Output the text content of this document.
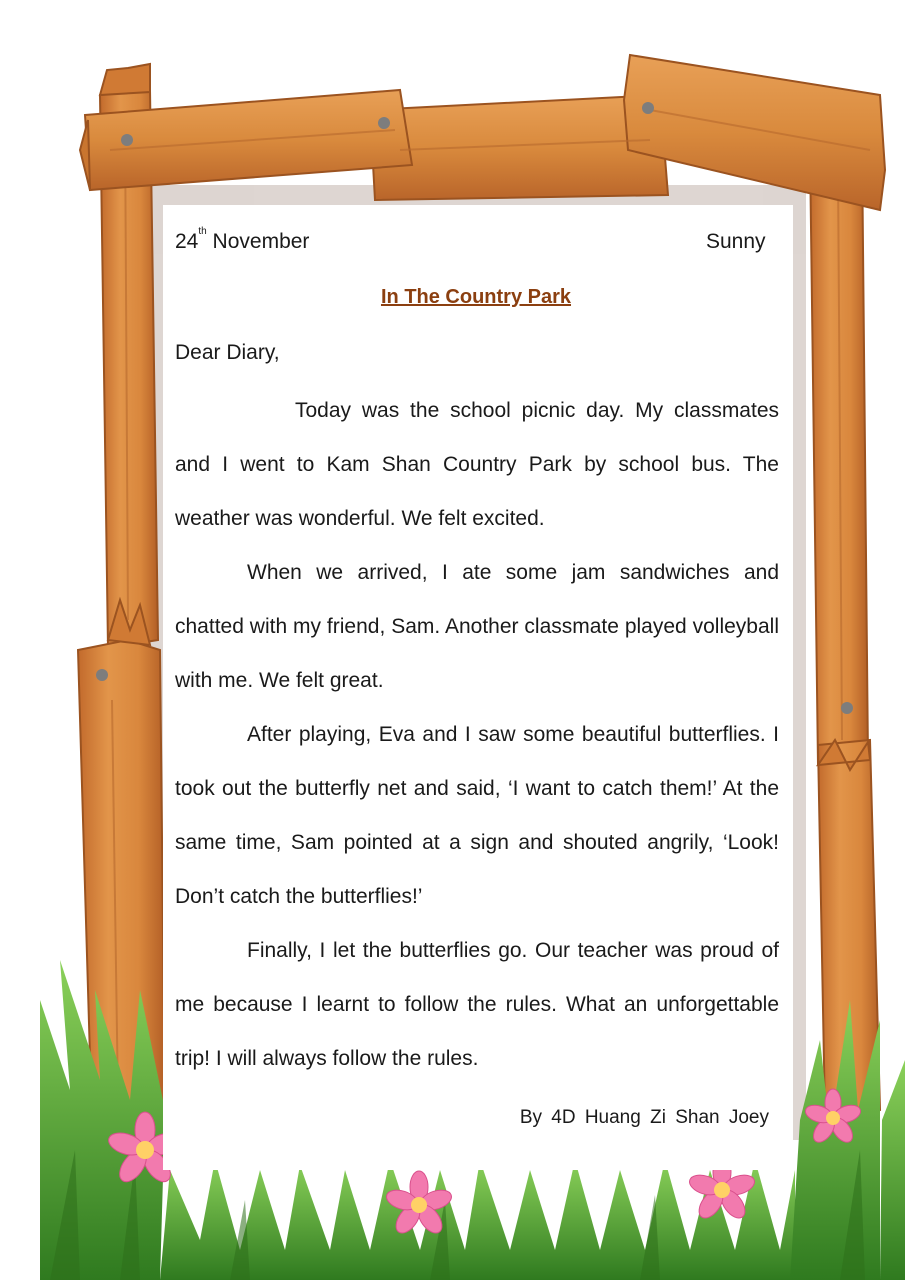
24th November	Sunny
In The Country Park
Dear Diary,

Today was the school picnic day. My classmates and I went to Kam Shan Country Park by school bus. The weather was wonderful. We felt excited.

When we arrived, I ate some jam sandwiches and chatted with my friend, Sam. Another classmate played volleyball with me. We felt great.

After playing, Eva and I saw some beautiful butterflies. I took out the butterfly net and said, ‘I want to catch them!’ At the same time, Sam pointed at a sign and shouted angrily, ‘Look! Don’t catch the butterflies!’

Finally, I let the butterflies go. Our teacher was proud of me because I learnt to follow the rules. What an unforgettable trip! I will always follow the rules.

By 4D Huang Zi Shan Joey
